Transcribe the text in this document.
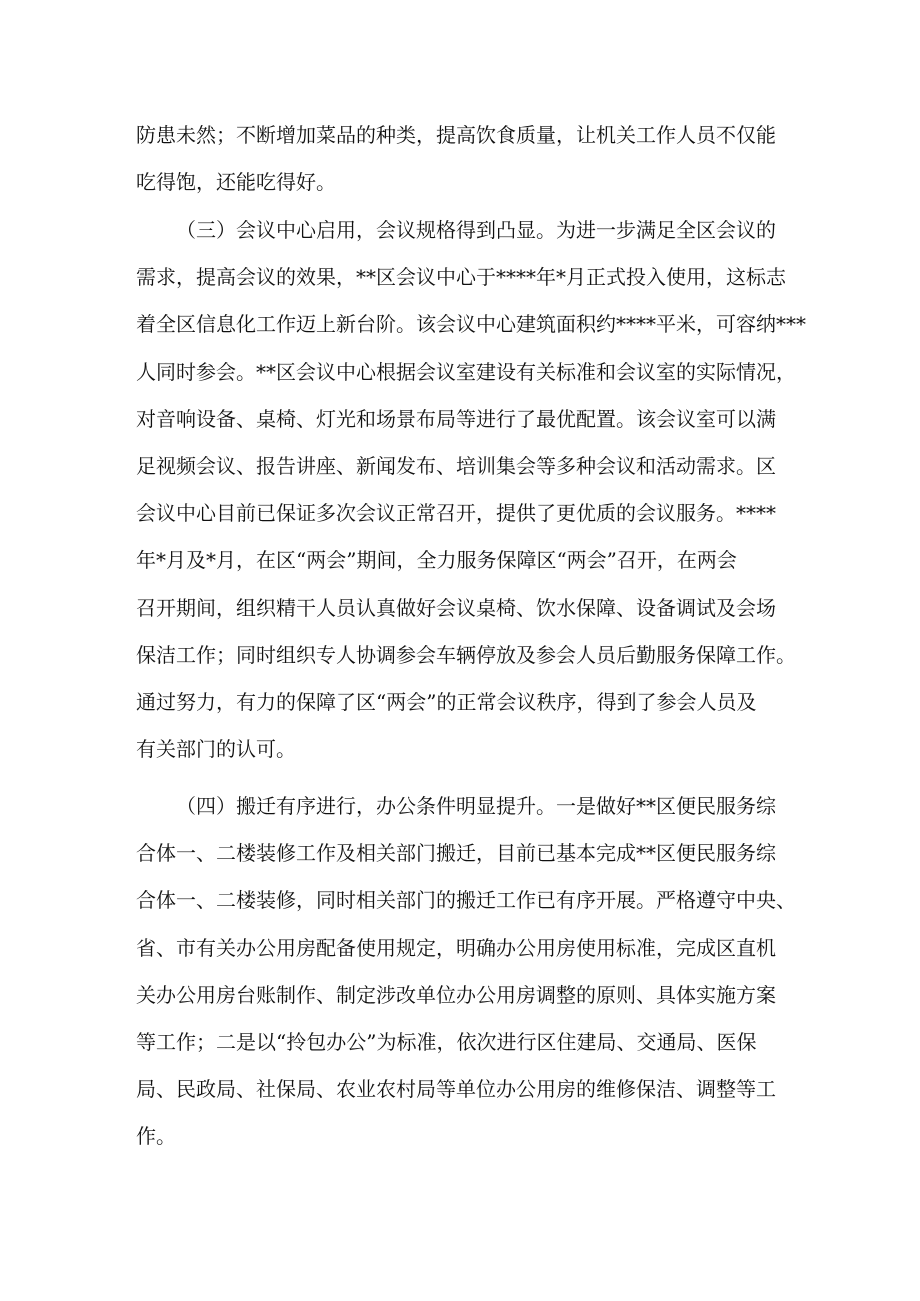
防患未然；不断增加菜品的种类，提高饮食质量，让机关工作人员不仅能
吃得饱，还能吃得好。
（三）会议中心启用，会议规格得到凸显。为进一步满足全区会议的
需求，提高会议的效果，**区会议中心于****年*月正式投入使用，这标志
着全区信息化工作迈上新台阶。该会议中心建筑面积约****平米，可容纳***
人同时参会。**区会议中心根据会议室建设有关标准和会议室的实际情况，
对音响设备、桌椅、灯光和场景布局等进行了最优配置。该会议室可以满
足视频会议、报告讲座、新闻发布、培训集会等多种会议和活动需求。区
会议中心目前已保证多次会议正常召开，提供了更优质的会议服务。****
年*月及*月，在区“两会”期间，全力服务保障区“两会”召开，在两会
召开期间，组织精干人员认真做好会议桌椅、饮水保障、设备调试及会场
保洁工作；同时组织专人协调参会车辆停放及参会人员后勤服务保障工作。
通过努力，有力的保障了区“两会”的正常会议秩序，得到了参会人员及
有关部门的认可。
（四）搬迁有序进行，办公条件明显提升。一是做好**区便民服务综
合体一、二楼装修工作及相关部门搬迁，目前已基本完成**区便民服务综
合体一、二楼装修，同时相关部门的搬迁工作已有序开展。严格遵守中央、
省、市有关办公用房配备使用规定，明确办公用房使用标准，完成区直机
关办公用房台账制作、制定涉改单位办公用房调整的原则、具体实施方案
等工作；二是以“拎包办公”为标准，依次进行区住建局、交通局、医保
局、民政局、社保局、农业农村局等单位办公用房的维修保洁、调整等工
作。
